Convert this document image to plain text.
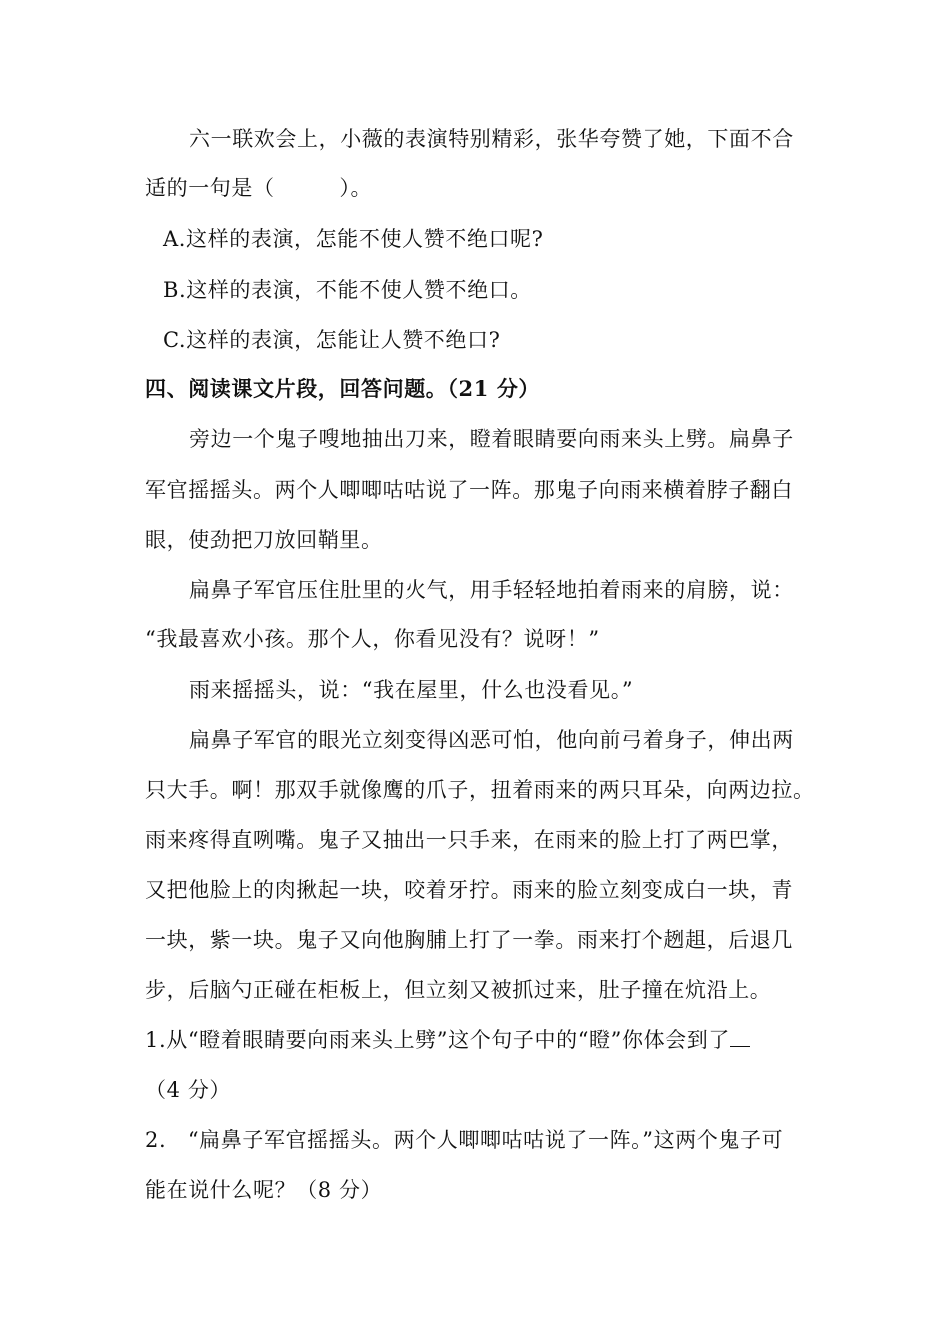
六一联欢会上，小薇的表演特别精彩，张华夸赞了她，下面不合
适的一句是（　　　）。
A.这样的表演，怎能不使人赞不绝口呢?
B.这样的表演，不能不使人赞不绝口。
C.这样的表演，怎能让人赞不绝口?
四、阅读课文片段，回答问题。（21 分）
旁边一个鬼子嗖地抽出刀来，瞪着眼睛要向雨来头上劈。扁鼻子
军官摇摇头。两个人唧唧咕咕说了一阵。那鬼子向雨来横着脖子翻白
眼，使劲把刀放回鞘里。
扁鼻子军官压住肚里的火气，用手轻轻地拍着雨来的肩膀，说：
“我最喜欢小孩。那个人，你看见没有？说呀！”
雨来摇摇头，说：“我在屋里，什么也没看见。”
扁鼻子军官的眼光立刻变得凶恶可怕，他向前弓着身子，伸出两
只大手。啊！那双手就像鹰的爪子，扭着雨来的两只耳朵，向两边拉。
雨来疼得直咧嘴。鬼子又抽出一只手来，在雨来的脸上打了两巴掌，
又把他脸上的肉揪起一块，咬着牙拧。雨来的脸立刻变成白一块，青
一块，紫一块。鬼子又向他胸脯上打了一拳。雨来打个趔趄，后退几
步，后脑勺正碰在柜板上，但立刻又被抓过来，肚子撞在炕沿上。
1.从“瞪着眼睛要向雨来头上劈”这个句子中的“瞪”你体会到了
（4 分）
2.　“扁鼻子军官摇摇头。两个人唧唧咕咕说了一阵。”这两个鬼子可
能在说什么呢？（8 分）
